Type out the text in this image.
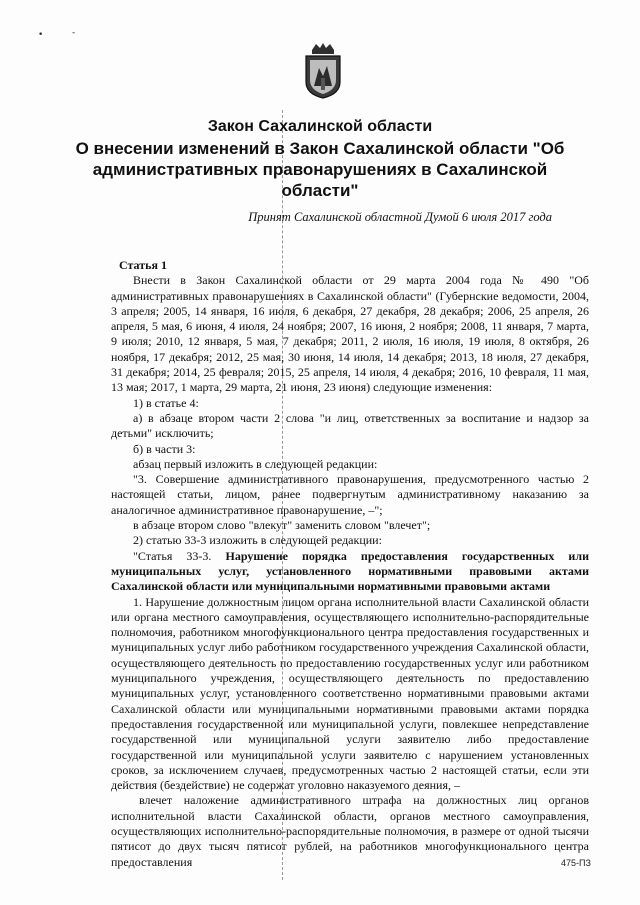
•	-
Закон Сахалинской области
О внесении изменений в Закон Сахалинской области "Об административных правонарушениях в Сахалинской области"
Принят Сахалинской областной Думой 6 июля 2017 года

Статья 1

Внести в Закон Сахалинской области от 29 марта 2004 года № 490 "Об административных правонарушениях в Сахалинской области" (Губернские ведомости, 2004, 3 апреля; 2005, 14 января, 16 июля, 6 декабря, 27 декабря, 28 декабря; 2006, 25 апреля, 26 апреля, 5 мая, 6 июня, 4 июля, 24 ноября; 2007, 16 июня, 2 ноября; 2008, 11 января, 7 марта, 9 июля; 2010, 12 января, 5 мая, 7 декабря; 2011, 2 июля, 16 июля, 19 июля, 8 октября, 26 ноября, 17 декабря; 2012, 25 мая, 30 июня, 14 июля, 14 декабря; 2013, 18 июля, 27 декабря, 31 декабря; 2014, 25 февраля; 2015, 25 апреля, 14 июля, 4 декабря; 2016, 10 февраля, 11 мая, 13 мая; 2017, 1 марта, 29 марта, 21 июня, 23 июня) следующие изменения:

1) в статье 4:

а) в абзаце втором части 2 слова "и лиц, ответственных за воспитание и надзор за детьми" исключить;

б) в части 3:

абзац первый изложить в следующей редакции:

"3. Совершение административного правонарушения, предусмотренного частью 2 настоящей статьи, лицом, ранее подвергнутым административному наказанию за аналогичное административное правонарушение, –";

в абзаце втором слово "влекут" заменить словом "влечет";

2) статью 33-3 изложить в следующей редакции:

"Статья 33-3. Нарушение порядка предоставления государственных или муниципальных услуг, установленного нормативными правовыми актами Сахалинской области или муниципальными нормативными правовыми актами

1. Нарушение должностным лицом органа исполнительной власти Сахалинской области или органа местного самоуправления, осуществляющего исполнительно-распорядительные полномочия, работником многофункционального центра предоставления государственных и муниципальных услуг либо работником государственного учреждения Сахалинской области, осуществляющего деятельность по предоставлению государственных услуг или работником муниципального учреждения, осуществляющего деятельность по предоставлению муниципальных услуг, установленного соответственно нормативными правовыми актами Сахалинской области или муниципальными нормативными правовыми актами порядка предоставления государственной или муниципальной услуги, повлекшее непредставление государственной или муниципальной услуги заявителю либо предоставление государственной или муниципальной услуги заявителю с нарушением установленных сроков, за исключением случаев, предусмотренных частью 2 настоящей статьи, если эти действия (бездействие) не содержат уголовно наказуемого деяния, –

влечет наложение административного штрафа на должностных лиц органов исполнительной власти Сахалинской области, органов местного самоуправления, осуществляющих исполнительно-распорядительные полномочия, в размере от одной тысячи пятисот до двух тысяч пятисот рублей, на работников многофункционального центра предоставления	475-ПЗ
